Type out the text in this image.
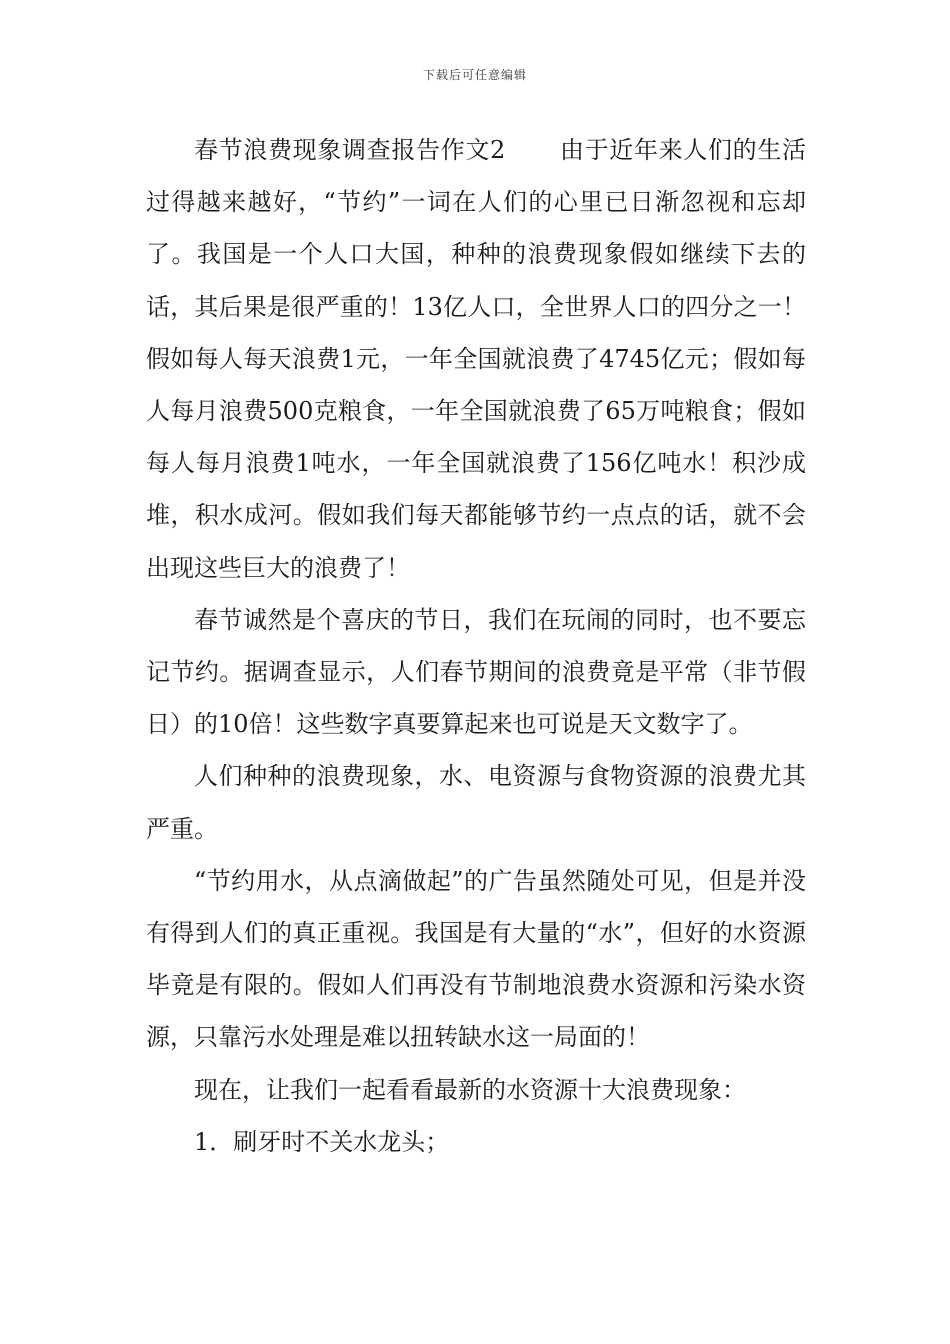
下载后可任意编辑

春节浪费现象调查报告作文2 由于近年来人们的生活过得越来越好，“节约”一词在人们的心里已日渐忽视和忘却了。我国是一个人口大国，种种的浪费现象假如继续下去的话，其后果是很严重的！13亿人口，全世界人口的四分之一！假如每人每天浪费1元，一年全国就浪费了4745亿元；假如每人每月浪费500克粮食，一年全国就浪费了65万吨粮食；假如每人每月浪费1吨水，一年全国就浪费了156亿吨水！积沙成堆，积水成河。假如我们每天都能够节约一点点的话，就不会出现这些巨大的浪费了！

春节诚然是个喜庆的节日，我们在玩闹的同时，也不要忘记节约。据调查显示，人们春节期间的浪费竟是平常（非节假日）的10倍！这些数字真要算起来也可说是天文数字了。

人们种种的浪费现象，水、电资源与食物资源的浪费尤其严重。

“节约用水，从点滴做起”的广告虽然随处可见，但是并没有得到人们的真正重视。我国是有大量的“水”，但好的水资源毕竟是有限的。假如人们再没有节制地浪费水资源和污染水资源，只靠污水处理是难以扭转缺水这一局面的！

现在，让我们一起看看最新的水资源十大浪费现象：

1．刷牙时不关水龙头；
